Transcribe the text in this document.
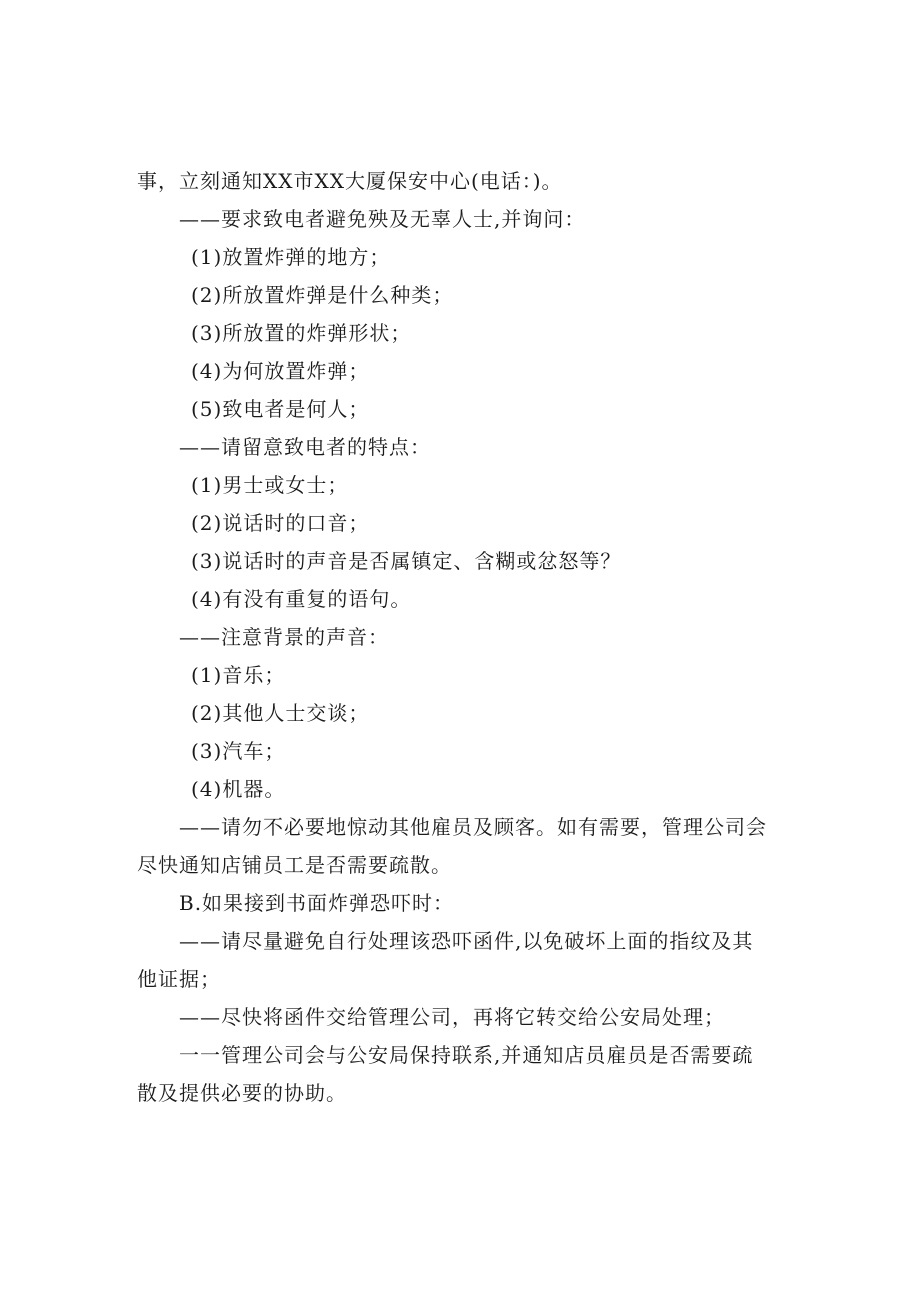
事，立刻通知XX市XX大厦保安中心(电话：)。
——要求致电者避免殃及无辜人士,并询问：
(1)放置炸弹的地方；
(2)所放置炸弹是什么种类；
(3)所放置的炸弹形状；
(4)为何放置炸弹；
(5)致电者是何人；
——请留意致电者的特点：
(1)男士或女士；
(2)说话时的口音；
(3)说话时的声音是否属镇定、含糊或忿怒等？
(4)有没有重复的语句。
——注意背景的声音：
(1)音乐；
(2)其他人士交谈；
(3)汽车；
(4)机器。
——请勿不必要地惊动其他雇员及顾客。如有需要，管理公司会
尽快通知店铺员工是否需要疏散。
B.如果接到书面炸弹恐吓时：
——请尽量避免自行处理该恐吓函件,以免破坏上面的指纹及其
他证据；
——尽快将函件交给管理公司，再将它转交给公安局处理；
一一管理公司会与公安局保持联系,并通知店员雇员是否需要疏
散及提供必要的协助。
